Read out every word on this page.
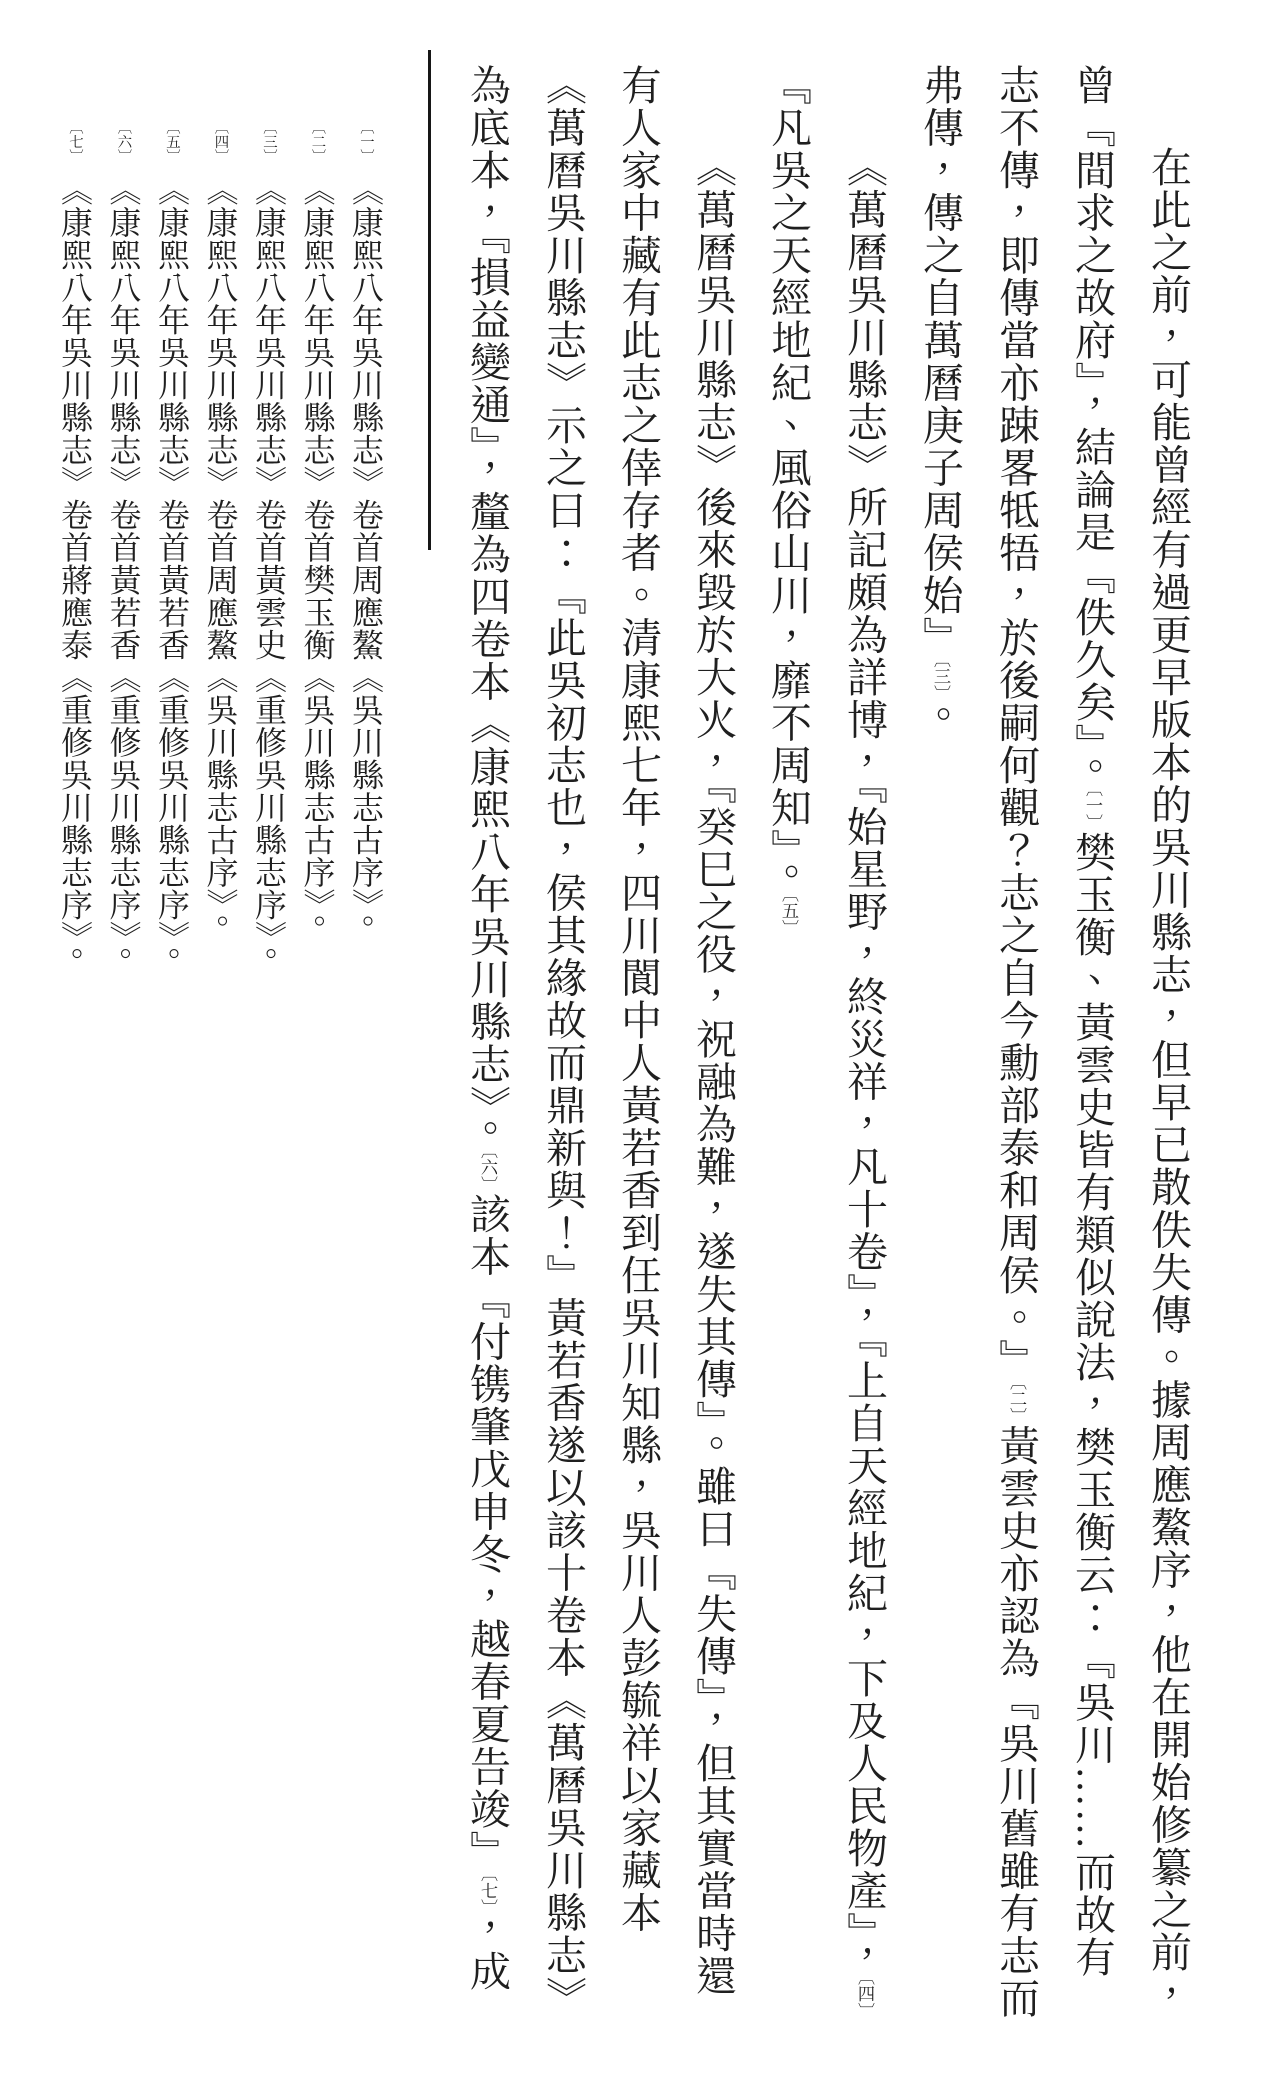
在此之前，可能曾經有過更早版本的吳川縣志，但早已散佚失傳。據周應鰲序，他在開始修纂之前，
曾『間求之故府』，結論是『佚久矣』。〔一〕樊玉衡、黃雲史皆有類似說法，樊玉衡云：『吳川……而故有
志不傳，即傳當亦踈畧牴牾，於後嗣何觀？志之自今勳部泰和周侯。』〔二〕黃雲史亦認為『吳川舊雖有志而
弗傳，傳之自萬曆庚子周侯始』〔三〕。
《萬曆吳川縣志》所記頗為詳博，『始星野，終災祥，凡十卷』，『上自天經地紀，下及人民物產』，〔四〕
『凡吳之天經地紀、風俗山川，靡不周知』。〔五〕
《萬曆吳川縣志》後來毀於大火，『癸巳之役，祝融為難，遂失其傳』。雖曰『失傳』，但其實當時還
有人家中藏有此志之倖存者。清康熙七年，四川閬中人黃若香到任吳川知縣，吳川人彭毓祥以家藏本
《萬曆吳川縣志》示之曰：『此吳初志也，侯其緣故而鼎新與！』黃若香遂以該十卷本《萬曆吳川縣志》
為底本，『損益變通』，釐為四卷本《康熙八年吳川縣志》。〔六〕該本『付镌肇戊申冬，越春夏告竣』〔七〕，成
〔一〕《康熙八年吳川縣志》卷首周應鰲《吳川縣志古序》。
〔二〕《康熙八年吳川縣志》卷首樊玉衡《吳川縣志古序》。
〔三〕《康熙八年吳川縣志》卷首黃雲史《重修吳川縣志序》。
〔四〕《康熙八年吳川縣志》卷首周應鰲《吳川縣志古序》。
〔五〕《康熙八年吳川縣志》卷首黃若香《重修吳川縣志序》。
〔六〕《康熙八年吳川縣志》卷首黃若香《重修吳川縣志序》。
〔七〕《康熙八年吳川縣志》卷首蔣應泰《重修吳川縣志序》。
